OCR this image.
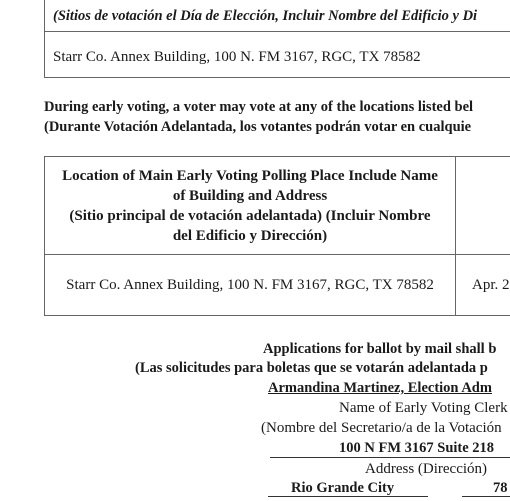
(Sitios de votación el Día de Elección, Incluir Nombre del Edificio y Di
Starr Co. Annex Building, 100 N. FM 3167, RGC, TX 78582
During early voting, a voter may vote at any of the locations listed bel
(Durante Votación Adelantada, los votantes podrán votar en cualquie
Location of Main Early Voting Polling Place Include Name
of Building and Address
(Sitio principal de votación adelantada) (Incluir Nombre
del Edificio y Dirección)
Starr Co. Annex Building, 100 N. FM 3167, RGC, TX 78582	Apr. 2
Applications for ballot by mail shall b
(Las solicitudes para boletas que se votarán adelantada p
Armandina Martinez, Election Adm
Name of Early Voting Clerk
(Nombre del Secretario/a de la Votación
100 N FM 3167 Suite 218
Address (Dirección)
Rio Grande City	78
